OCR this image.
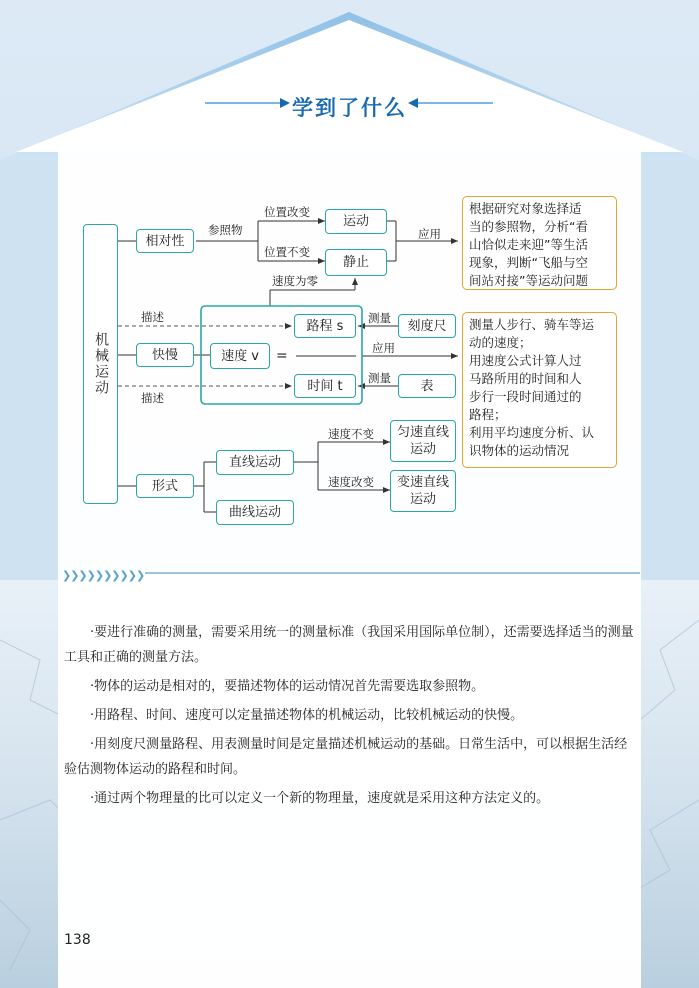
学到了什么
机械运动
相对性
快慢
形式
参照物
位置改变
位置不变
运动
静止
应用
速度为零
根据研究对象选择适
当的参照物，分析“看
山恰似走来迎”等生活
现象，判断“飞船与空
间站对接”等运动问题
描述
描述
速度 v	=
路程 s
时间 t
测量
应用
测量
刻度尺
表
测量人步行、骑车等运
动的速度；
用速度公式计算人过
马路所用的时间和人
步行一段时间通过的
路程；
利用平均速度分析、认
识物体的运动情况
直线运动
曲线运动
速度不变
速度改变
匀速直线运动
变速直线运动
❯❯❯❯❯❯❯❯❯❯

·要进行准确的测量，需要采用统一的测量标准（我国采用国际单位制），还需要选择适当的测量工具和正确的测量方法。

·物体的运动是相对的，要描述物体的运动情况首先需要选取参照物。

·用路程、时间、速度可以定量描述物体的机械运动，比较机械运动的快慢。

·用刻度尺测量路程、用表测量时间是定量描述机械运动的基础。日常生活中，可以根据生活经验估测物体运动的路程和时间。

·通过两个物理量的比可以定义一个新的物理量，速度就是采用这种方法定义的。

138
